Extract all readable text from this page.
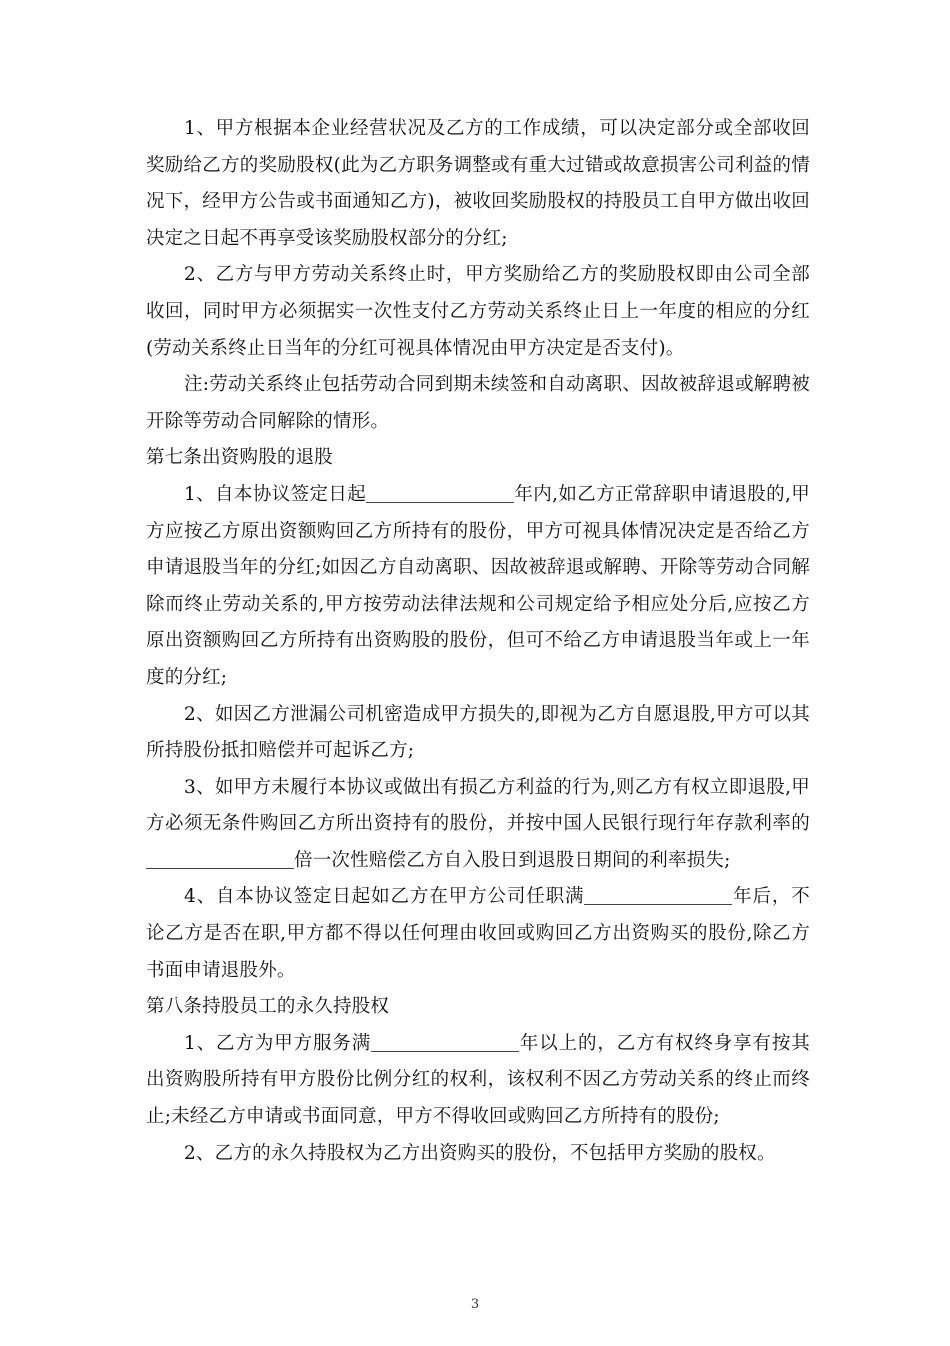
1、甲方根据本企业经营状况及乙方的工作成绩，可以决定部分或全部收回奖励给乙方的奖励股权(此为乙方职务调整或有重大过错或故意损害公司利益的情况下，经甲方公告或书面通知乙方)，被收回奖励股权的持股员工自甲方做出收回决定之日起不再享受该奖励股权部分的分红;

2、乙方与甲方劳动关系终止时，甲方奖励给乙方的奖励股权即由公司全部收回，同时甲方必须据实一次性支付乙方劳动关系终止日上一年度的相应的分红(劳动关系终止日当年的分红可视具体情况由甲方决定是否支付)。

注:劳动关系终止包括劳动合同到期未续签和自动离职、因故被辞退或解聘被开除等劳动合同解除的情形。

第七条出资购股的退股

1、自本协议签定日起	年内,如乙方正常辞职申请退股的,甲方应按乙方原出资额购回乙方所持有的股份，甲方可视具体情况决定是否给乙方申请退股当年的分红;如因乙方自动离职、因故被辞退或解聘、开除等劳动合同解除而终止劳动关系的,甲方按劳动法律法规和公司规定给予相应处分后,应按乙方原出资额购回乙方所持有出资购股的股份，但可不给乙方申请退股当年或上一年度的分红;

2、如因乙方泄漏公司机密造成甲方损失的,即视为乙方自愿退股,甲方可以其所持股份抵扣赔偿并可起诉乙方;

3、如甲方未履行本协议或做出有损乙方利益的行为,则乙方有权立即退股,甲方必须无条件购回乙方所出资持有的股份，并按中国人民银行现行年存款利率的倍一次性赔偿乙方自入股日到退股日期间的利率损失;

4、自本协议签定日起如乙方在甲方公司任职满	年后，不论乙方是否在职,甲方都不得以任何理由收回或购回乙方出资购买的股份,除乙方书面申请退股外。

第八条持股员工的永久持股权

1、乙方为甲方服务满	年以上的，乙方有权终身享有按其出资购股所持有甲方股份比例分红的权利，该权利不因乙方劳动关系的终止而终止;未经乙方申请或书面同意，甲方不得收回或购回乙方所持有的股份;

2、乙方的永久持股权为乙方出资购买的股份，不包括甲方奖励的股权。

3
